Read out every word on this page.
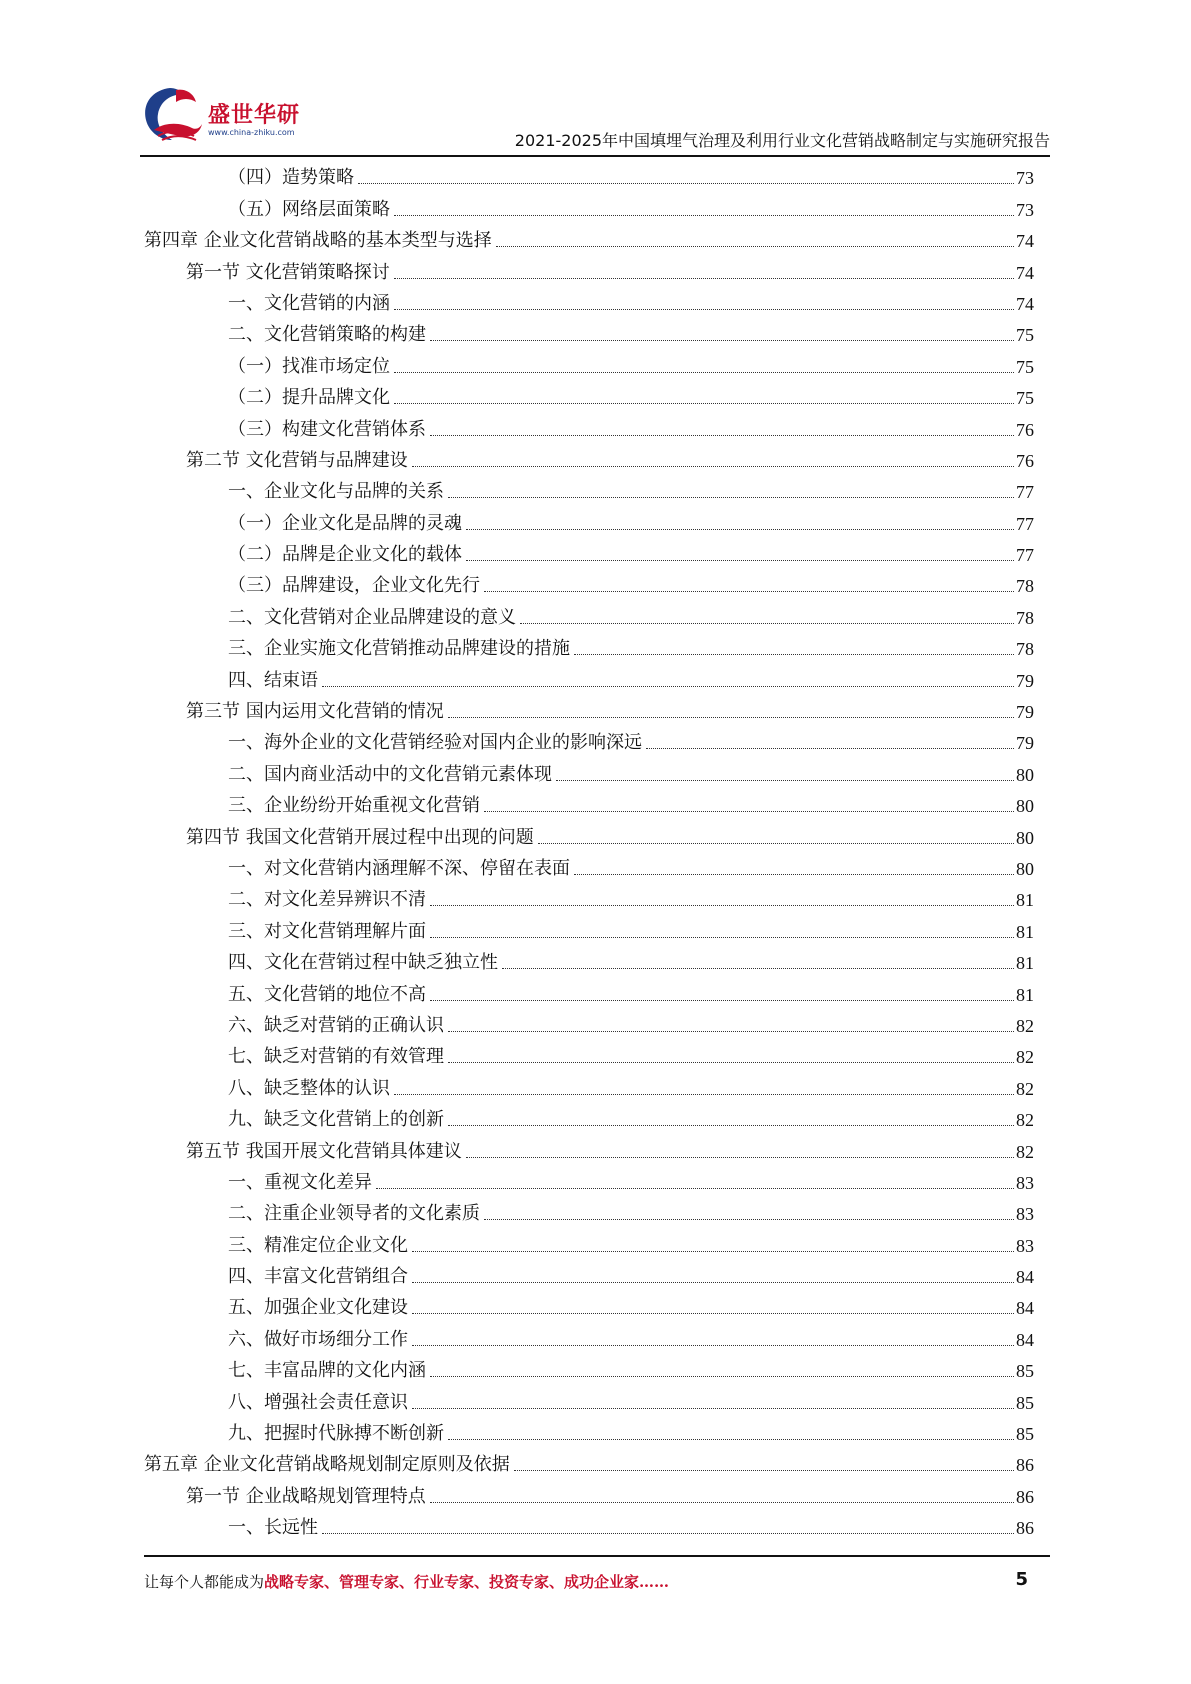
盛世华研
www.china-zhiku.com	2021-2025年中国填埋气治理及利用行业文化营销战略制定与实施研究报告
（四）造势策略	73
（五）网络层面策略	73
第四章 企业文化营销战略的基本类型与选择	74
第一节 文化营销策略探讨	74
一、文化营销的内涵	74
二、文化营销策略的构建	75
（一）找准市场定位	75
（二）提升品牌文化	75
（三）构建文化营销体系	76
第二节 文化营销与品牌建设	76
一、企业文化与品牌的关系	77
（一）企业文化是品牌的灵魂	77
（二）品牌是企业文化的载体	77
（三）品牌建设，企业文化先行	78
二、文化营销对企业品牌建设的意义	78
三、企业实施文化营销推动品牌建设的措施	78
四、结束语	79
第三节 国内运用文化营销的情况	79
一、海外企业的文化营销经验对国内企业的影响深远	79
二、国内商业活动中的文化营销元素体现	80
三、企业纷纷开始重视文化营销	80
第四节 我国文化营销开展过程中出现的问题	80
一、对文化营销内涵理解不深、停留在表面	80
二、对文化差异辨识不清	81
三、对文化营销理解片面	81
四、文化在营销过程中缺乏独立性	81
五、文化营销的地位不高	81
六、缺乏对营销的正确认识	82
七、缺乏对营销的有效管理	82
八、缺乏整体的认识	82
九、缺乏文化营销上的创新	82
第五节 我国开展文化营销具体建议	82
一、重视文化差异	83
二、注重企业领导者的文化素质	83
三、精准定位企业文化	83
四、丰富文化营销组合	84
五、加强企业文化建设	84
六、做好市场细分工作	84
七、丰富品牌的文化内涵	85
八、增强社会责任意识	85
九、把握时代脉搏不断创新	85
第五章 企业文化营销战略规划制定原则及依据	86
第一节 企业战略规划管理特点	86
一、长远性	86
让每个人都能成为战略专家、管理专家、行业专家、投资专家、成功企业家……	5
